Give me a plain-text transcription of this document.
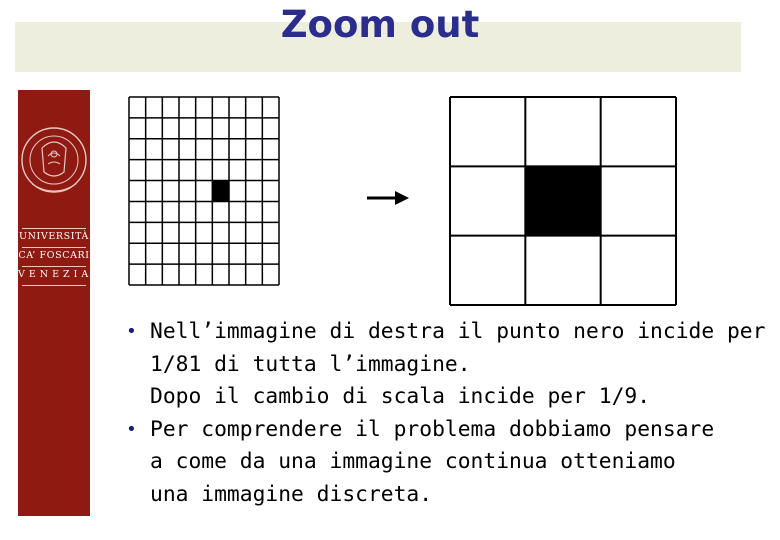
Zoom out
UNIVERSITÀ
CA’ FOSCARI
VENEZIA
• Nell’immagine di destra il punto nero incide per
1/81 di tutta l’immagine.
Dopo il cambio di scala incide per 1/9.
• Per comprendere il problema dobbiamo pensare
a come da una immagine continua otteniamo
una immagine discreta.
